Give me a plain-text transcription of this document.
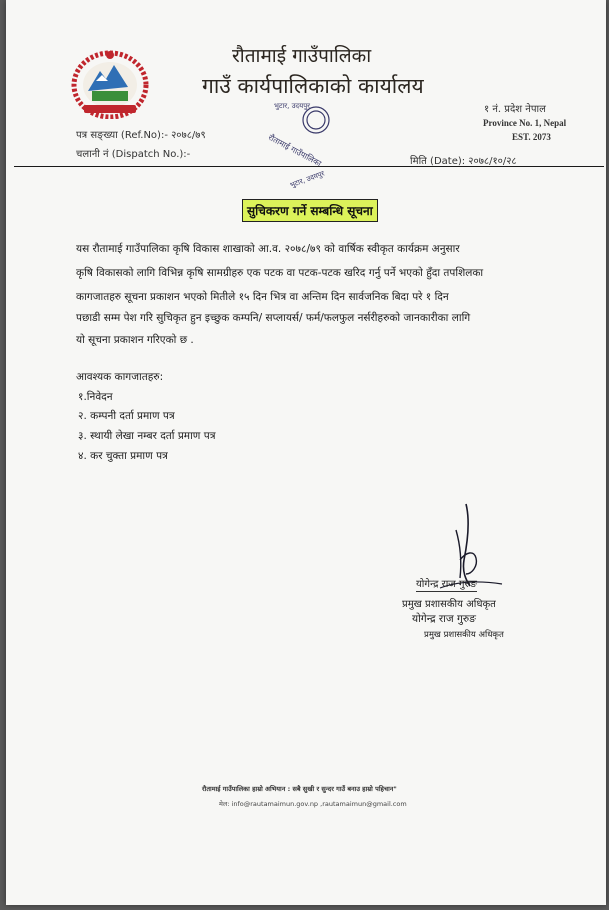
रौतामाई गाउँपालिका
गाउँ कार्यपालिकाको कार्यालय
१ नं. प्रदेश नेपाल
Province No. 1, Nepal
EST. 2073
पत्र सङ्ख्या (Ref.No):- २०७८/७९
चलानी नं (Dispatch No.):-
मिति (Date): २०७८/१०/२८
भुटार, उदयपुर
रौतामाई गाउँपालिका
भुटार, उदयपुर
सुचिकरण गर्ने सम्बन्धि सूचना
यस रौतामाई गाउँपालिका कृषि विकास शाखाको आ.व. २०७८/७९ को वार्षिक स्वीकृत कार्यक्रम अनुसार
कृषि विकासको लागि विभिन्न कृषि सामग्रीहरु एक पटक वा पटक-पटक खरिद गर्नु पर्ने भएको हुँदा तपशिलका
कागजातहरु सूचना प्रकाशन भएको मितीले १५ दिन भित्र वा अन्तिम दिन सार्वजनिक बिदा परे १ दिन
पछाडी सम्म पेश गरि सुचिकृत हुन इच्छुक कम्पनि/ सप्लायर्स/ फर्म/फलफुल नर्सरीहरुको जानकारीका लागि
यो सूचना प्रकाशन गरिएको छ .
आवश्यक कागजातहरु:
१.निवेदन
२. कम्पनी दर्ता प्रमाण पत्र
३. स्थायी लेखा नम्बर दर्ता प्रमाण पत्र
४. कर चुक्ता प्रमाण पत्र
योगेन्द्र राज गुरुङ
प्रमुख प्रशासकीय अधिकृत
योगेन्द्र राज गुरुङ
प्रमुख प्रशासकीय अधिकृत
रौतामाई गाउँपालिका हाम्रो अभियान : सबै सुखी र सुन्दर गाउँ बनाउ हाम्रो पहिचान"
मेल: info@rautamaimun.gov.np ,rautamaimun@gmail.com
